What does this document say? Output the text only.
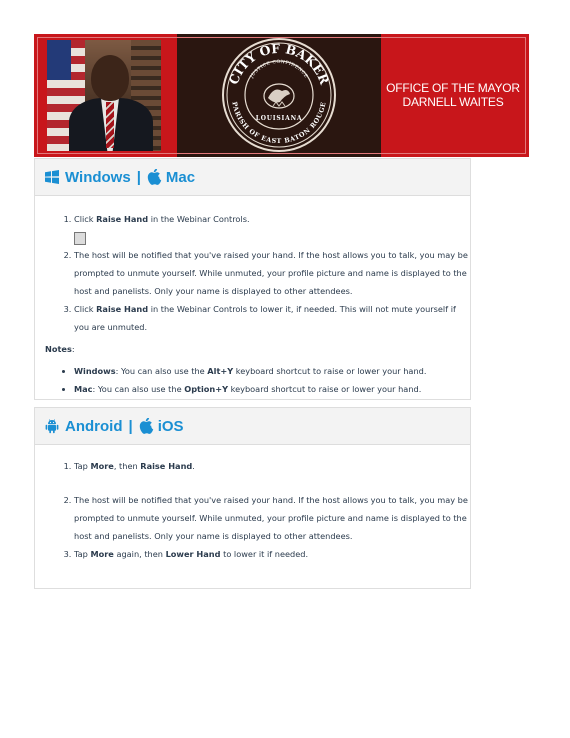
CITY OF BAKER
JUSTICE CONFIDENCE
PARISH OF EAST BATON ROUGE
LOUISIANA
OFFICE OF THE MAYOR
DARNELL WAITES
Windows | Mac
1. Click Raise Hand in the Webinar Controls.

2. The host will be notified that you've raised your hand. If the host allows you to talk, you may be prompted to unmute yourself. While unmuted, your profile picture and name is displayed to the host and panelists. Only your name is displayed to other attendees.
3. Click Raise Hand in the Webinar Controls to lower it, if needed. This will not mute yourself if you are unmuted.
Notes:
• Windows: You can also use the Alt+Y keyboard shortcut to raise or lower your hand.
• Mac: You can also use the Option+Y keyboard shortcut to raise or lower your hand.
Android | iOS
1. Tap More, then Raise Hand.
2. The host will be notified that you've raised your hand. If the host allows you to talk, you may be prompted to unmute yourself. While unmuted, your profile picture and name is displayed to the host and panelists. Only your name is displayed to other attendees.
3. Tap More again, then Lower Hand to lower it if needed.
